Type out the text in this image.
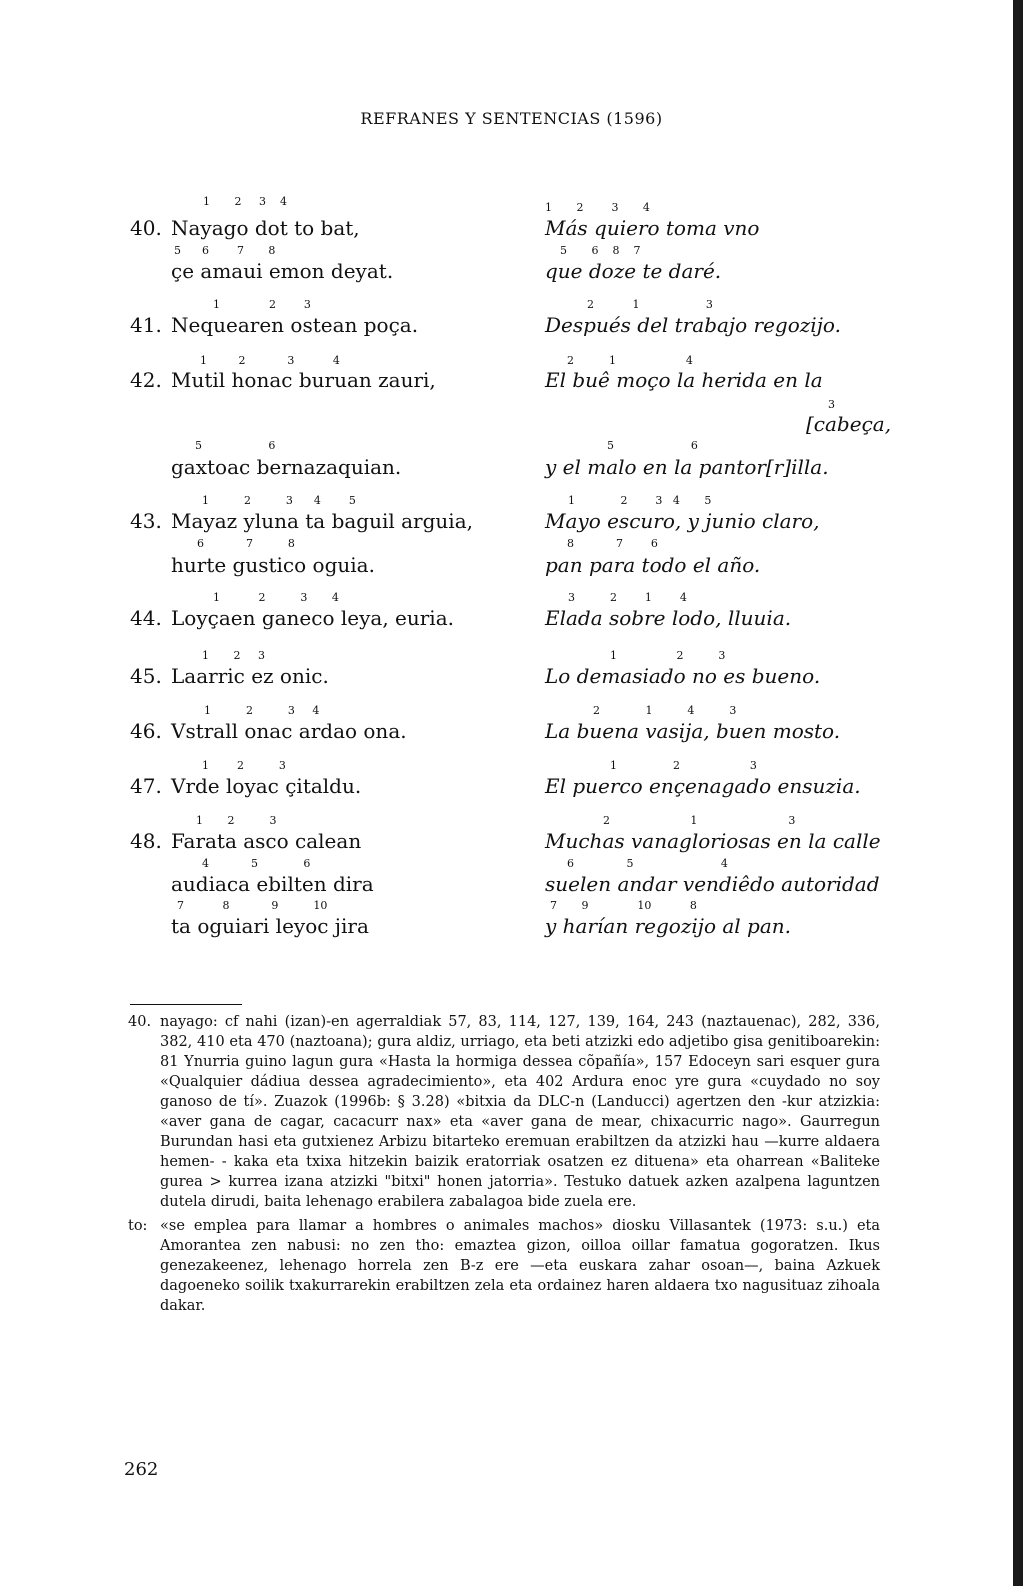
REFRANES Y SENTENCIAS (1596)
1       2     3    4
40. Nayago dot to bat,
5      6        7       8
çe amaui emon deyat.
1       2        3       4
Más quiero toma vno
5       6    8    7
que doze te daré.
1              2        3
41. Nequearen ostean poça.
2           1                   3
Después del trabajo regozijo.
1         2            3           4
42. Mutil honac buruan zauri,
5                   6
gaxtoac bernazaquian.
2          1                    4
El buê moço la herida en la
3
[cabeça,
5                      6
y el malo en la pantor[r]illa.
1          2          3      4        5
43. Mayaz yluna ta baguil arguia,
6            7          8
hurte gustico oguia.
1             2        3   4       5
Mayo escuro, y junio claro,
8            7        6
pan para todo el año.
1           2          3       4
44. Loyçaen ganeco leya, euria.
3          2        1        4
Elada sobre lodo, lluuia.
1       2     3
45. Laarric ez onic.
1                 2          3
Lo demasiado no es bueno.
1          2          3     4
46. Vstrall onac ardao ona.
2             1          4          3
La buena vasija, buen mosto.
1        2          3
47. Vrde loyac çitaldu.
1                2                    3
El puerco ençenagado ensuzia.
1       2          3
48. Farata asco calean
4            5             6
audiaca ebilten dira
7           8            9          10
ta oguiari leyoc jira
2                       1                          3
Muchas vanagloriosas en la calle
6               5                         4
suelen andar vendiêdo autoridad
7       9              10           8
y harían regozijo al pan.

40. nayago: cf nahi (izan)-en agerraldiak 57, 83, 114, 127, 139, 164, 243 (naztauenac), 282, 336, 382, 410 eta 470 (naztoana); gura aldiz, urriago, eta beti atzizki edo adjetibo gisa genitiboarekin: 81 Ynurria guino lagun gura «Hasta la hormiga dessea cõpañía», 157 Edoceyn sari esquer gura «Qualquier dádiua dessea agradecimiento», eta 402 Ardura enoc yre gura «cuydado no soy ganoso de tí». Zuazok (1996b: § 3.28) «bitxia da DLC-n (Landucci) agertzen den -kur atzizkia: «aver gana de cagar, cacacurr nax» eta «aver gana de mear, chixacurric nago». Gaurregun Burundan hasi eta gutxienez Arbizu bitarteko eremuan erabiltzen da atzizki hau —kurre aldaera hemen- - kaka eta txixa hitzekin baizik eratorriak osatzen ez dituena» eta oharrean «Baliteke gurea > kurrea izana atzizki "bitxi" honen jatorria». Testuko datuek azken azalpena laguntzen dutela dirudi, baita lehenago erabilera zabalagoa bide zuela ere.

to: «se emplea para llamar a hombres o animales machos» diosku Villasantek (1973: s.u.) eta Amorantea zen nabusi: no zen tho: emaztea gizon, oilloa oillar famatua gogoratzen. Ikus genezakeenez, lehenago horrela zen B-z ere —eta euskara zahar osoan—, baina Azkuek dagoeneko soilik txakurrarekin erabiltzen zela eta ordainez haren aldaera txo nagusituaz zihoala dakar.

262
